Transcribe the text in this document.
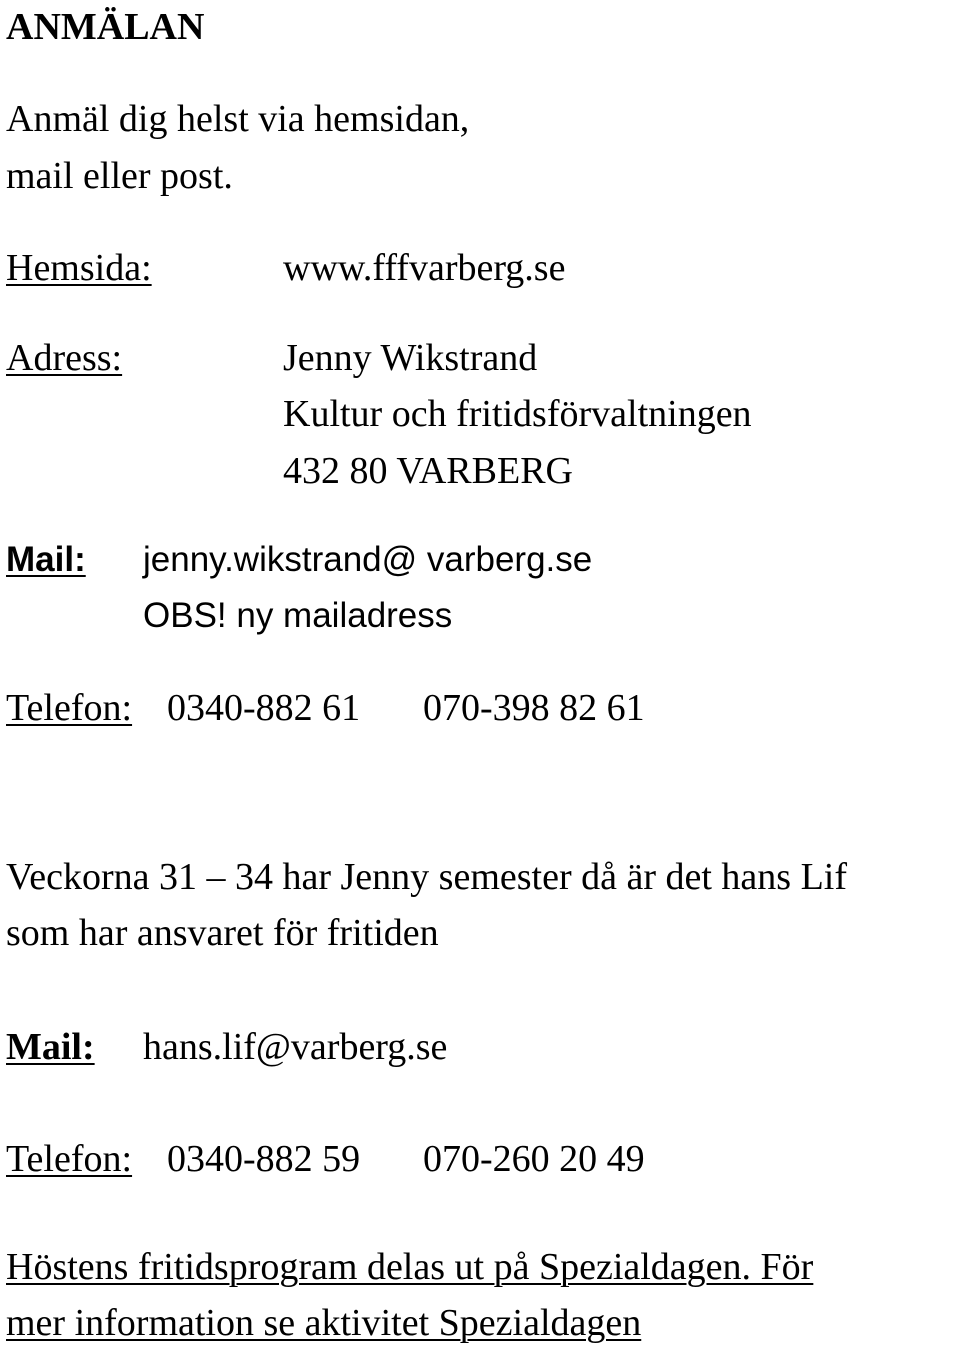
ANMÄLAN
Anmäl dig helst via hemsidan,
mail eller post.
Hemsida:	www.fffvarberg.se
Adress:	Jenny Wikstrand
Kultur och fritidsförvaltningen
432 80 VARBERG
Mail: jenny.wikstrand@ varberg.se
OBS! ny mailadress
Telefon: 0340-882 61 070-398 82 61
Veckorna 31 – 34 har Jenny semester då är det hans Lif
som har ansvaret för fritiden
Mail: hans.lif@varberg.se
Telefon: 0340-882 59 070-260 20 49
Höstens fritidsprogram delas ut på Spezialdagen. För
mer information se aktivitet Spezialdagen
